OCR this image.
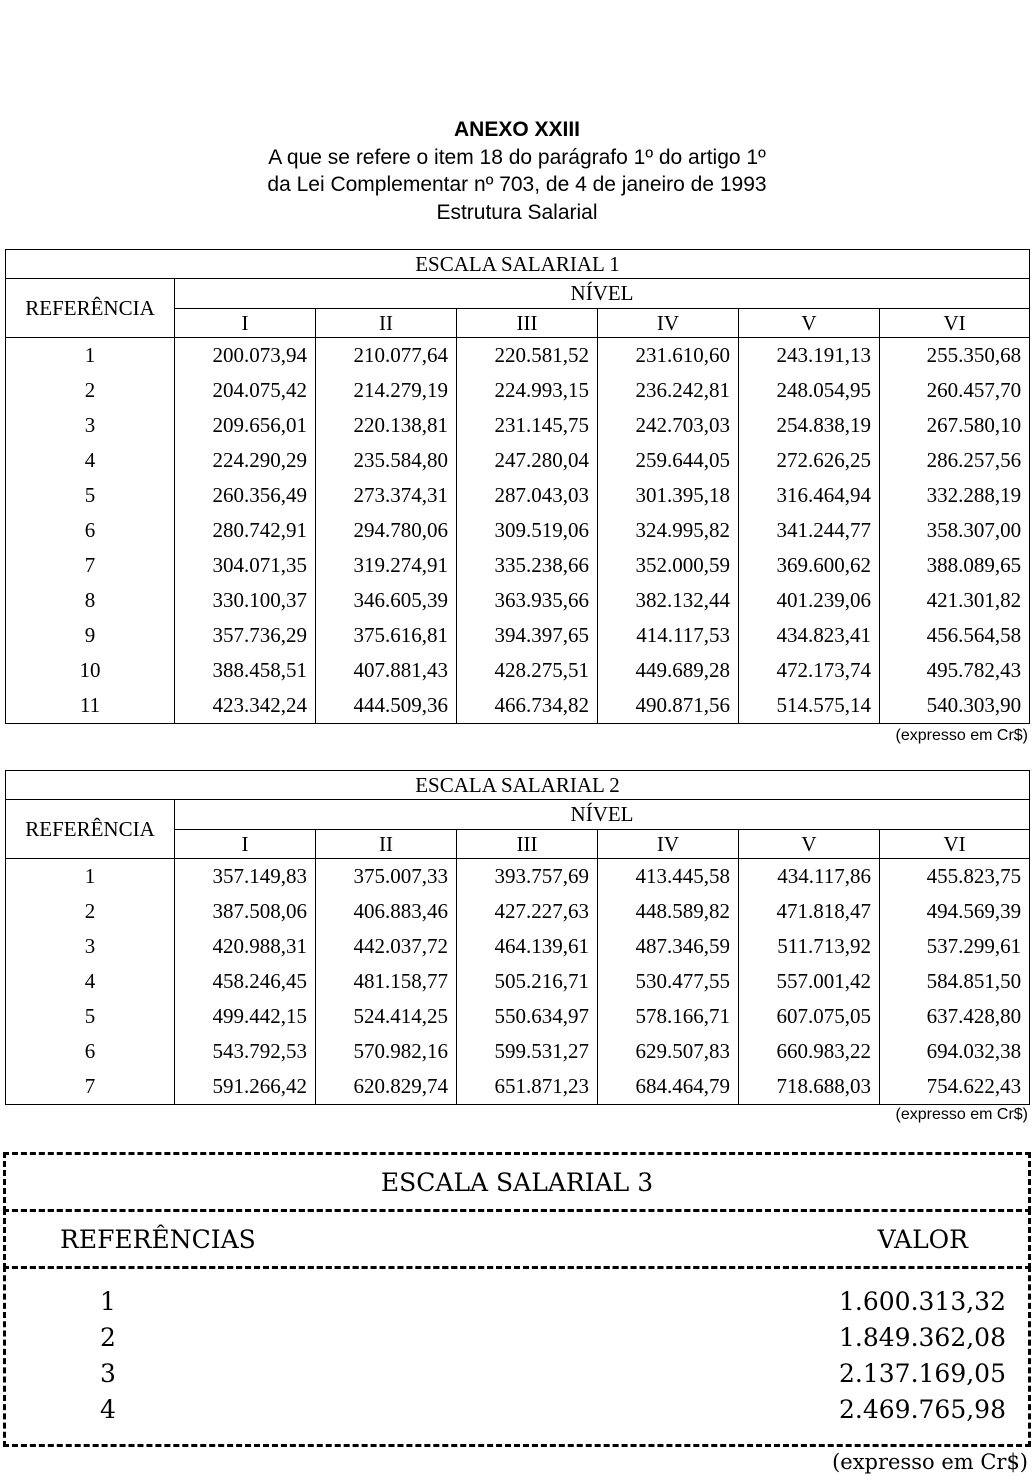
ANEXO XXIII
A que se refere o item 18 do parágrafo 1º do artigo 1º
da Lei Complementar nº 703, de 4 de janeiro de 1993
Estrutura Salarial
ESCALA SALARIAL 1						
REFERÊNCIA	NÍVEL					
	I	II	III	IV	V	VI
1	200.073,94	210.077,64	220.581,52	231.610,60	243.191,13	255.350,68
2	204.075,42	214.279,19	224.993,15	236.242,81	248.054,95	260.457,70
3	209.656,01	220.138,81	231.145,75	242.703,03	254.838,19	267.580,10
4	224.290,29	235.584,80	247.280,04	259.644,05	272.626,25	286.257,56
5	260.356,49	273.374,31	287.043,03	301.395,18	316.464,94	332.288,19
6	280.742,91	294.780,06	309.519,06	324.995,82	341.244,77	358.307,00
7	304.071,35	319.274,91	335.238,66	352.000,59	369.600,62	388.089,65
8	330.100,37	346.605,39	363.935,66	382.132,44	401.239,06	421.301,82
9	357.736,29	375.616,81	394.397,65	414.117,53	434.823,41	456.564,58
10	388.458,51	407.881,43	428.275,51	449.689,28	472.173,74	495.782,43
11	423.342,24	444.509,36	466.734,82	490.871,56	514.575,14	540.303,90
(expresso em Cr$)
ESCALA SALARIAL 2						
REFERÊNCIA	NÍVEL					
	I	II	III	IV	V	VI
1	357.149,83	375.007,33	393.757,69	413.445,58	434.117,86	455.823,75
2	387.508,06	406.883,46	427.227,63	448.589,82	471.818,47	494.569,39
3	420.988,31	442.037,72	464.139,61	487.346,59	511.713,92	537.299,61
4	458.246,45	481.158,77	505.216,71	530.477,55	557.001,42	584.851,50
5	499.442,15	524.414,25	550.634,97	578.166,71	607.075,05	637.428,80
6	543.792,53	570.982,16	599.531,27	629.507,83	660.983,22	694.032,38
7	591.266,42	620.829,74	651.871,23	684.464,79	718.688,03	754.622,43
(expresso em Cr$)
ESCALA SALARIAL 3
REFERÊNCIAS	VALOR
1	1.600.313,32
2	1.849.362,08
3	2.137.169,05
4	2.469.765,98
(expresso em Cr$)
